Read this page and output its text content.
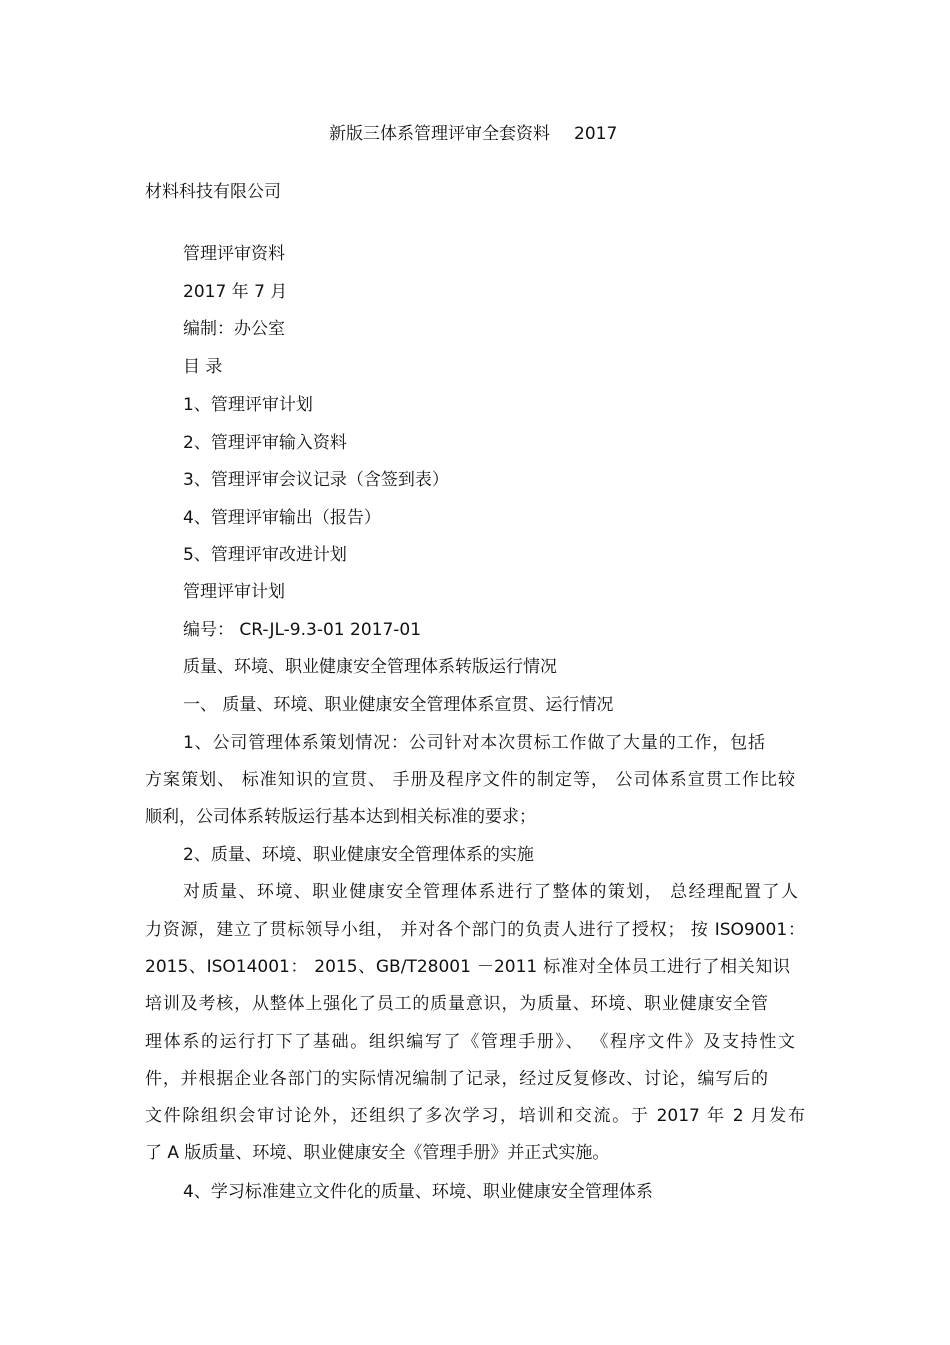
新版三体系管理评审全套资料 2017
材料科技有限公司
管理评审资料
2017 年 7 月
编制：办公室
目 录
1、管理评审计划
2、管理评审输入资料
3、管理评审会议记录（含签到表）
4、管理评审输出（报告）
5、管理评审改进计划
管理评审计划
编号： CR-JL-9.3-01 2017-01
质量、环境、职业健康安全管理体系转版运行情况
一、 质量、环境、职业健康安全管理体系宣贯、运行情况
1、公司管理体系策划情况：公司针对本次贯标工作做了大量的工作，包括
方案策划、 标准知识的宣贯、 手册及程序文件的制定等， 公司体系宣贯工作比较
顺利，公司体系转版运行基本达到相关标准的要求；
2、质量、环境、职业健康安全管理体系的实施
对质量、环境、职业健康安全管理体系进行了整体的策划， 总经理配置了人
力资源，建立了贯标领导小组， 并对各个部门的负责人进行了授权； 按 ISO9001：
2015、ISO14001： 2015、GB/T28001 －2011 标准对全体员工进行了相关知识
培训及考核，从整体上强化了员工的质量意识，为质量、环境、职业健康安全管
理体系的运行打下了基础。组织编写了《管理手册》、 《程序文件》及支持性文
件，并根据企业各部门的实际情况编制了记录，经过反复修改、讨论，编写后的
文件除组织会审讨论外，还组织了多次学习，培训和交流。于 2017 年 2 月发布
了 A 版质量、环境、职业健康安全《管理手册》并正式实施。
4、学习标准建立文件化的质量、环境、职业健康安全管理体系
